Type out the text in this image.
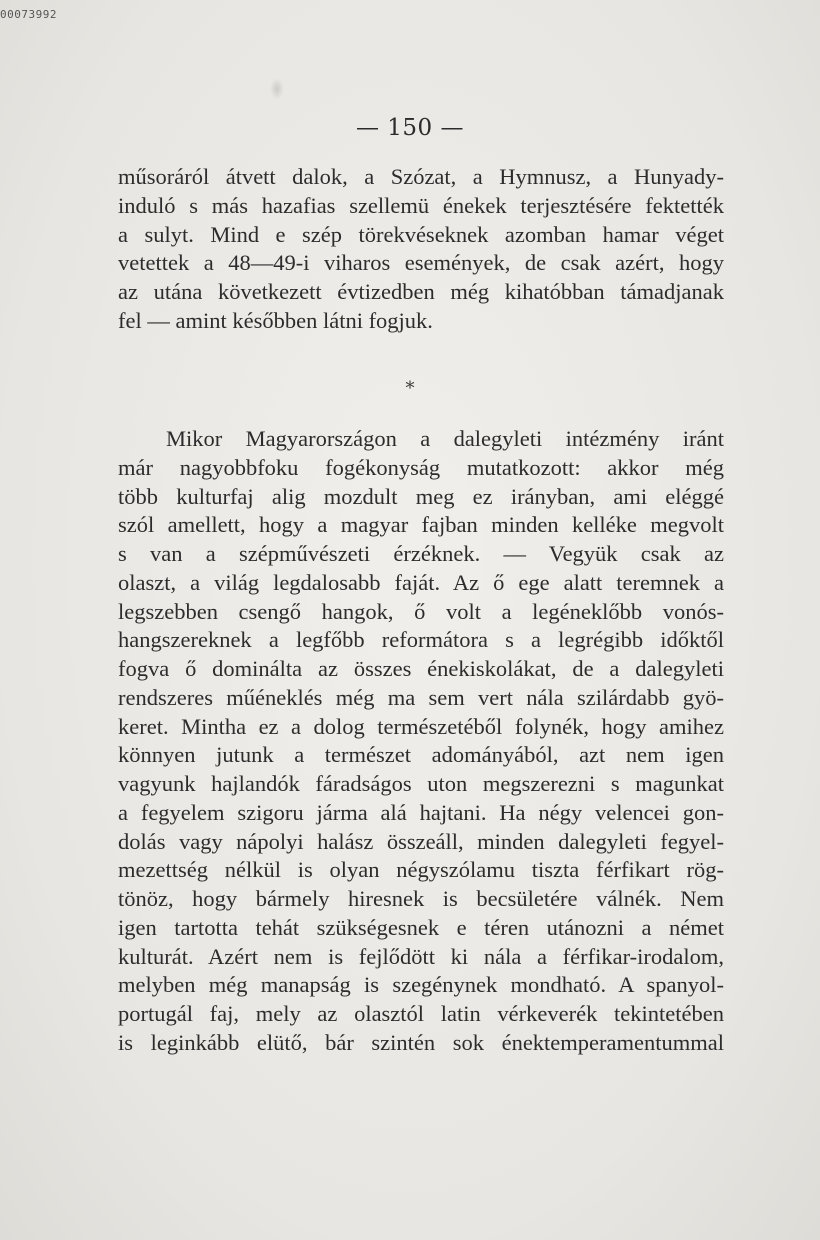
00073992
— 150 —
műsoráról átvett dalok, a Szózat, a Hymnusz, a Hunyady-
induló s más hazafias szellemü énekek terjesztésére fektették
a sulyt. Mind e szép törekvéseknek azomban hamar véget
vetettek a 48—49-i viharos események, de csak azért, hogy
az utána következett évtizedben még kihatóbban támadjanak
fel — amint későbben látni fogjuk.
*
Mikor Magyarországon a dalegyleti intézmény iránt
már nagyobbfoku fogékonyság mutatkozott: akkor még
több kulturfaj alig mozdult meg ez irányban, ami eléggé
szól amellett, hogy a magyar fajban minden kelléke megvolt
s van a szépművészeti érzéknek. — Vegyük csak az
olaszt, a világ legdalosabb faját. Az ő ege alatt teremnek a
legszebben csengő hangok, ő volt a legéneklőbb vonós-
hangszereknek a legfőbb reformátora s a legrégibb időktől
fogva ő dominálta az összes énekiskolákat, de a dalegyleti
rendszeres műéneklés még ma sem vert nála szilárdabb gyö-
keret. Mintha ez a dolog természetéből folynék, hogy amihez
könnyen jutunk a természet adományából, azt nem igen
vagyunk hajlandók fáradságos uton megszerezni s magunkat
a fegyelem szigoru járma alá hajtani. Ha négy velencei gon-
dolás vagy nápolyi halász összeáll, minden dalegyleti fegyel-
mezettség nélkül is olyan négyszólamu tiszta férfikart rög-
tönöz, hogy bármely hiresnek is becsületére válnék. Nem
igen tartotta tehát szükségesnek e téren utánozni a német
kulturát. Azért nem is fejlődött ki nála a férfikar-irodalom,
melyben még manapság is szegénynek mondható. A spanyol-
portugál faj, mely az olasztól latin vérkeverék tekintetében
is leginkább elütő, bár szintén sok énektemperamentummal
